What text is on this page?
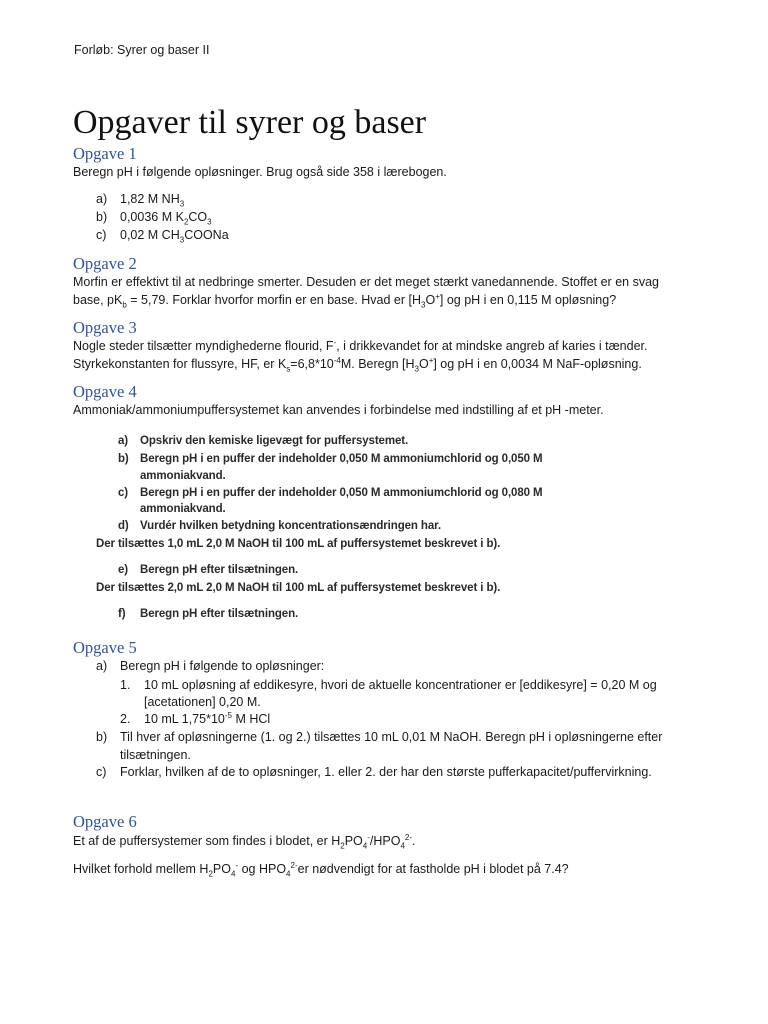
Forløb: Syrer og baser II
Opgaver til syrer og baser
Opgave 1

Beregn pH i følgende opløsninger. Brug også side 358 i lærebogen.

a) 1,82 M $NH_3$
b) 0,0036 M $K_2CO_3$
c) 0,02 M $CH_3COONa$
Opgave 2

Morfin er effektivt til at nedbringe smerter. Desuden er det meget stærkt vanedannende. Stoffet er en svag

base, $pK_b = 5,79$. Forklar hvorfor morfin er en base. Hvad er $[H_3O^+]$ og pH i en 0,115 M opløsning?

Opgave 3

Nogle steder tilsætter myndighederne flourid, F-, i drikkevandet for at mindske angreb af karies i tænder.

Styrkekonstanten for flussyre, HF, er $K_s=6,8*10^{-4}M$. Beregn $[H_3O^+]$ og pH i en 0,0034 M NaF-opløsning.

Opgave 4

Ammoniak/ammoniumpuffersystemet kan anvendes i forbindelse med indstilling af et pH -meter.

a) Opskriv den kemiske ligevægt for puffersystemet.
b) Beregn pH i en puffer der indeholder 0,050 M ammoniumchlorid og 0,050 M
ammoniakvand.
c) Beregn pH i en puffer der indeholder 0,050 M ammoniumchlorid og 0,080 M
ammoniakvand.
d) Vurdér hvilken betydning koncentrationsændringen har.
Der tilsættes 1,0 mL 2,0 M NaOH til 100 mL af puffersystemet beskrevet i b).
e) Beregn pH efter tilsætningen.
Der tilsættes 2,0 mL 2,0 M NaOH til 100 mL af puffersystemet beskrevet i b).
f) Beregn pH efter tilsætningen.
Opgave 5
a) Beregn pH i følgende to opløsninger:
1. 10 mL opløsning af eddikesyre, hvori de aktuelle koncentrationer er [eddikesyre] = 0,20 M og
[acetationen] 0,20 M.
2. 10 mL $1,75*10^{-5}$ M HCl
b) Til hver af opløsningerne (1. og 2.) tilsættes 10 mL 0,01 M NaOH. Beregn pH i opløsningerne efter
tilsætningen.
c) Forklar, hvilken af de to opløsninger, 1. eller 2. der har den største pufferkapacitet/puffervirkning.
Opgave 6

Et af de puffersystemer som findes i blodet, er $H_2PO_4^-/HPO_4^{2-}$.

Hvilket forhold mellem $H_2PO_4^-$ og $HPO_4^{2-}er$ nødvendigt for at fastholde pH i blodet på 7.4?
